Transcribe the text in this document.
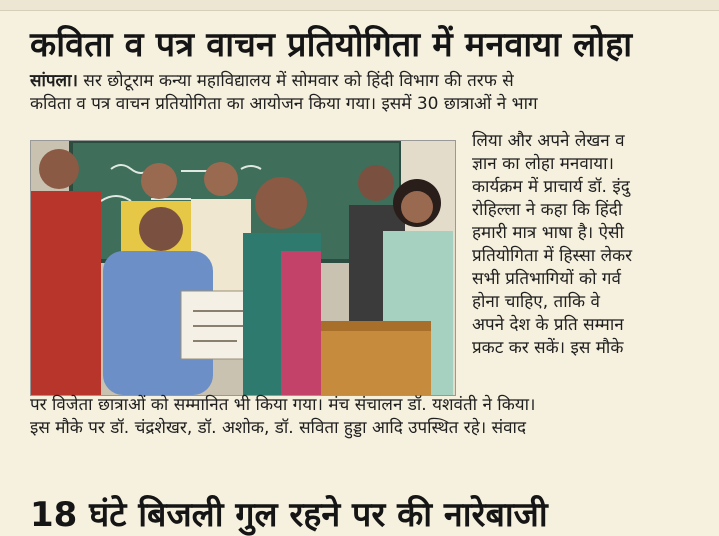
कविता व पत्र वाचन प्रतियोगिता में मनवाया लोहा
सांपला। सर छोटूराम कन्या महाविद्यालय में सोमवार को हिंदी विभाग की तरफ से
कविता व पत्र वाचन प्रतियोगिता का आयोजन किया गया। इसमें 30 छात्राओं ने भाग
लिया और अपने लेखन व
ज्ञान का लोहा मनवाया।
कार्यक्रम में प्राचार्य डॉ. इंदु
रोहिल्ला ने कहा कि हिंदी
हमारी मात्र भाषा है। ऐसी
प्रतियोगिता में हिस्सा लेकर
सभी प्रतिभागियों को गर्व
होना चाहिए, ताकि वे
अपने देश के प्रति सम्मान
प्रकट कर सकें। इस मौके
पर विजेता छात्राओं को सम्मानित भी किया गया। मंच संचालन डॉ. यशवंती ने किया।
इस मौके पर डॉ. चंद्रशेखर, डॉ. अशोक, डॉ. सविता हुड्डा आदि उपस्थित रहे। संवाद
18 घंटे बिजली गुल रहने पर की नारेबाजी
